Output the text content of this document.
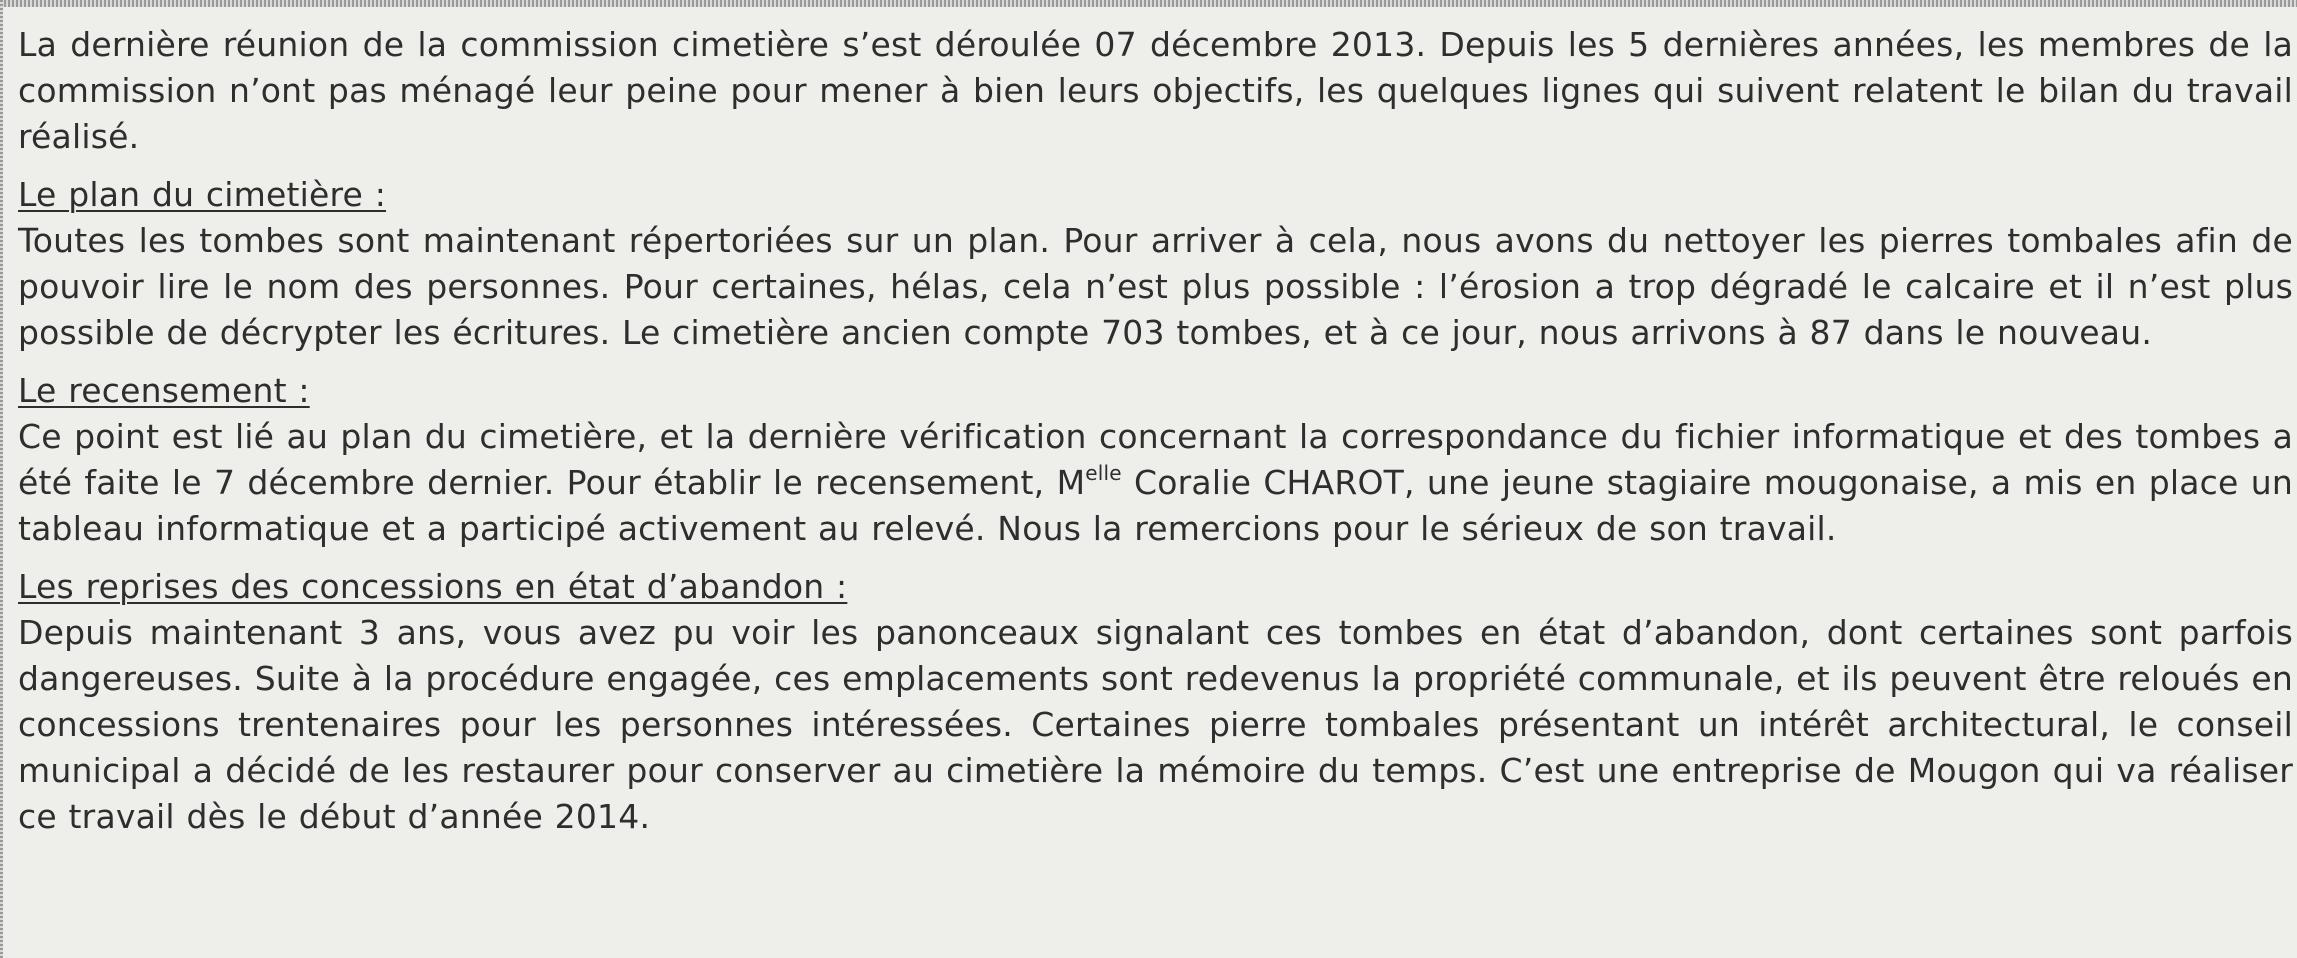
La dernière réunion de la commission cimetière s’est déroulée 07 décembre 2013. Depuis les 5 dernières années, les membres de la commission n’ont pas ménagé leur peine pour mener à bien leurs objectifs, les quelques lignes qui suivent relatent le bilan du travail réalisé.

Le plan du cimetière :

Toutes les tombes sont maintenant répertoriées sur un plan. Pour arriver à cela, nous avons du nettoyer les pierres tombales afin de pouvoir lire le nom des personnes. Pour certaines, hélas, cela n’est plus possible : l’érosion a trop dégradé le calcaire et il n’est plus possible de décrypter les écritures. Le cimetière ancien compte 703 tombes, et à ce jour, nous arrivons à 87 dans le nouveau.

Le recensement :

Ce point est lié au plan du cimetière, et la dernière vérification concernant la correspondance du fichier informatique et des tombes a été faite le 7 décembre dernier. Pour établir le recensement, $M^{elle}$ Coralie CHAROT, une jeune stagiaire mougonaise, a mis en place un tableau informatique et a participé activement au relevé. Nous la remercions pour le sérieux de son travail.

Les reprises des concessions en état d’abandon :

Depuis maintenant 3 ans, vous avez pu voir les panonceaux signalant ces tombes en état d’abandon, dont certaines sont parfois dangereuses. Suite à la procédure engagée, ces emplacements sont redevenus la propriété communale, et ils peuvent être reloués en concessions trentenaires pour les personnes intéressées. Certaines pierre tombales présentant un intérêt architectural, le conseil municipal a décidé de les restaurer pour conserver au cimetière la mémoire du temps. C’est une entreprise de Mougon qui va réaliser ce travail dès le début d’année 2014.
